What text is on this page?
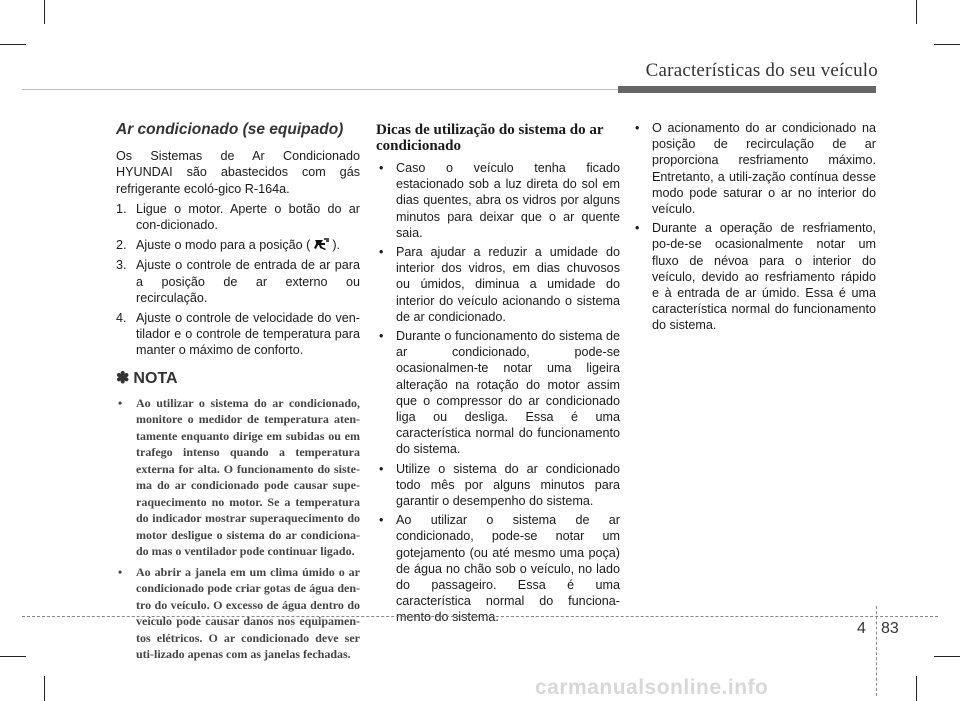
Características do seu veículo
Ar condicionado (se equipado)

Os Sistemas de Ar Condicionado HYUNDAI são abastecidos com gás refrigerante ecoló-gico R-164a.

1. Ligue o motor. Aperte o botão do ar con-dicionado.
2. Ajuste o modo para a posição ( ).
3. Ajuste o controle de entrada de ar para a posição de ar externo ou recirculação.
4. Ajuste o controle de velocidade do ven-tilador e o controle de temperatura para manter o máximo de conforto.
✽ NOTA
• Ao utilizar o sistema do ar condicionado, monitore o medidor de temperatura aten-tamente enquanto dirige em subidas ou em trafego intenso quando a temperatura externa for alta. O funcionamento do siste-ma do ar condicionado pode causar supe-raquecimento no motor. Se a temperatura do indicador mostrar superaquecimento do motor desligue o sistema do ar condiciona-do mas o ventilador pode continuar ligado.
• Ao abrir a janela em um clima úmido o ar condicionado pode criar gotas de água den-tro do veículo. O excesso de água dentro do veículo pode causar danos nos equipamen-tos elétricos. O ar condicionado deve ser uti-lizado apenas com as janelas fechadas.
Dicas de utilização do sistema do ar condicionado
• Caso o veículo tenha ficado estacionado sob a luz direta do sol em dias quentes, abra os vidros por alguns minutos para deixar que o ar quente saia.
• Para ajudar a reduzir a umidade do interior dos vidros, em dias chuvosos ou úmidos, diminua a umidade do interior do veículo acionando o sistema de ar condicionado.
• Durante o funcionamento do sistema de ar condicionado, pode-se ocasionalmen-te notar uma ligeira alteração na rotação do motor assim que o compressor do ar condicionado liga ou desliga. Essa é uma característica normal do funcionamento do sistema.
• Utilize o sistema do ar condicionado todo mês por alguns minutos para garantir o desempenho do sistema.
• Ao utilizar o sistema de ar condicionado, pode-se notar um gotejamento (ou até mesmo uma poça) de água no chão sob o veículo, no lado do passageiro. Essa é uma característica normal do funciona-mento do sistema.
• O acionamento do ar condicionado na posição de recirculação de ar proporciona resfriamento máximo. Entretanto, a utili-zação contínua desse modo pode saturar o ar no interior do veículo.
• Durante a operação de resfriamento, po-de-se ocasionalmente notar um fluxo de névoa para o interior do veículo, devido ao resfriamento rápido e à entrada de ar úmido. Essa é uma característica normal do funcionamento do sistema.
4 83
carmanualsonline.info
